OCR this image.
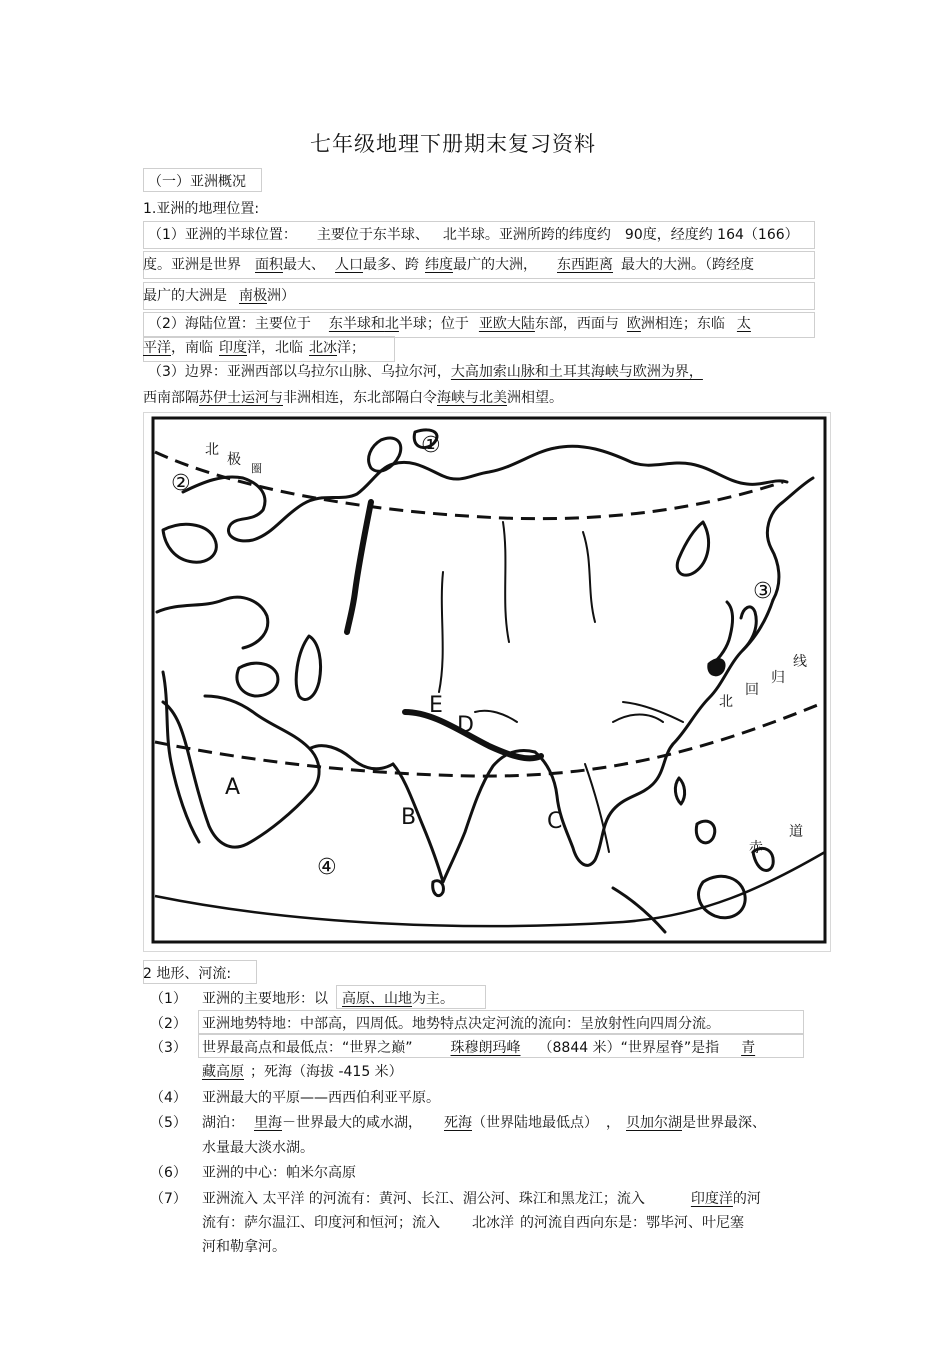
七年级地理下册期末复习资料
（一）亚洲概况
1.亚洲的地理位置:
（1）亚洲的半球位置： 主要位于东半球、 北半球。亚洲所跨的纬度约 90度，经度约 164（166）
度。亚洲是世界 面积最大、 人口最多、跨 纬度最广的大洲， 东西距离 最大的大洲。（跨经度
最广的大洲是 南极洲）
（2）海陆位置：主要位于 东半球和北半球；位于 亚欧大陆东部，西面与 欧洲相连；东临 太
平洋，南临 印度洋，北临 北冰洋；
（3）边界：亚洲西部以乌拉尔山脉、乌拉尔河，大高加索山脉和土耳其海峡与欧洲为界，
西南部隔苏伊士运河与非洲相连，东北部隔白令海峡与北美洲相望。
①
②
③
④
A
B	C
D
E
北
极
圈
北
回
归
线
赤
道
2 地形、河流:
（1） 亚洲的主要地形：以 高原、山地为主。
（2） 亚洲地势特地：中部高，四周低。地势特点决定河流的流向：呈放射性向四周分流。
（3） 世界最高点和最低点：“世界之巅”	珠穆朗玛峰 （8844 米）“世界屋脊”是指 青
藏高原 ；死海（海拔 -415 米）
（4） 亚洲最大的平原——西西伯利亚平原。
（5） 湖泊： 里海－世界最大的咸水湖， 死海（世界陆地最低点） ， 贝加尔湖是世界最深、
水量最大淡水湖。
（6） 亚洲的中心：帕米尔高原
（7） 亚洲流入 太平洋 的河流有：黄河、长江、湄公河、珠江和黑龙江；流入	印度洋的河
流有：萨尔温江、印度河和恒河；流入 北冰洋 的河流自西向东是：鄂毕河、叶尼塞
河和勒拿河。
